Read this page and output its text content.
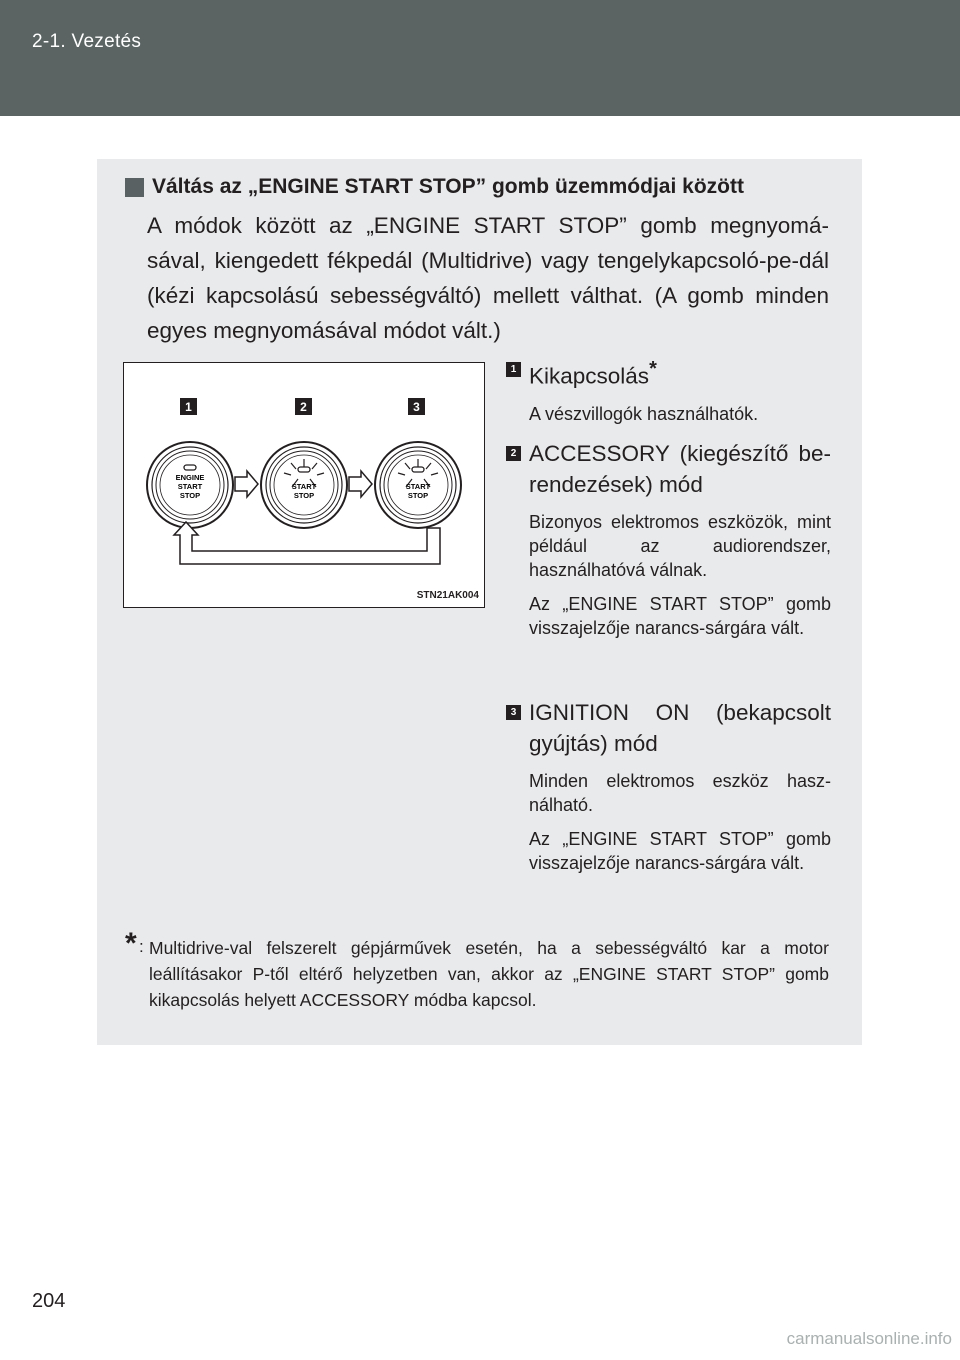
2-1. Vezetés
Váltás az „ENGINE START STOP” gomb üzemmódjai között
A módok között az „ENGINE START STOP” gomb megnyomá-sával, kiengedett fékpedál (Multidrive) vagy tengelykapcsoló-pe-dál (kézi kapcsolású sebességváltó) mellett válthat. (A gomb minden egyes megnyomásával módot vált.)
1	2	3
ENGINE
START
STOP
START
STOP
START
STOP
STN21AK004
1 Kikapcsolás*
A vészvillogók használhatók.
2 ACCESSORY (kiegészítő be-rendezések) mód
Bizonyos elektromos eszközök, mint például az audiorendszer, használhatóvá válnak.
Az „ENGINE START STOP” gomb visszajelzője narancs-sárgára vált.
3 IGNITION ON (bekapcsolt gyújtás) mód
Minden elektromos eszköz hasz-nálható.
Az „ENGINE START STOP” gomb visszajelzője narancs-sárgára vált.
* : Multidrive-val felszerelt gépjárművek esetén, ha a sebességváltó kar a motor leállításakor P-től eltérő helyzetben van, akkor az „ENGINE START STOP” gomb kikapcsolás helyett ACCESSORY módba kapcsol.
204
carmanualsonline.info
